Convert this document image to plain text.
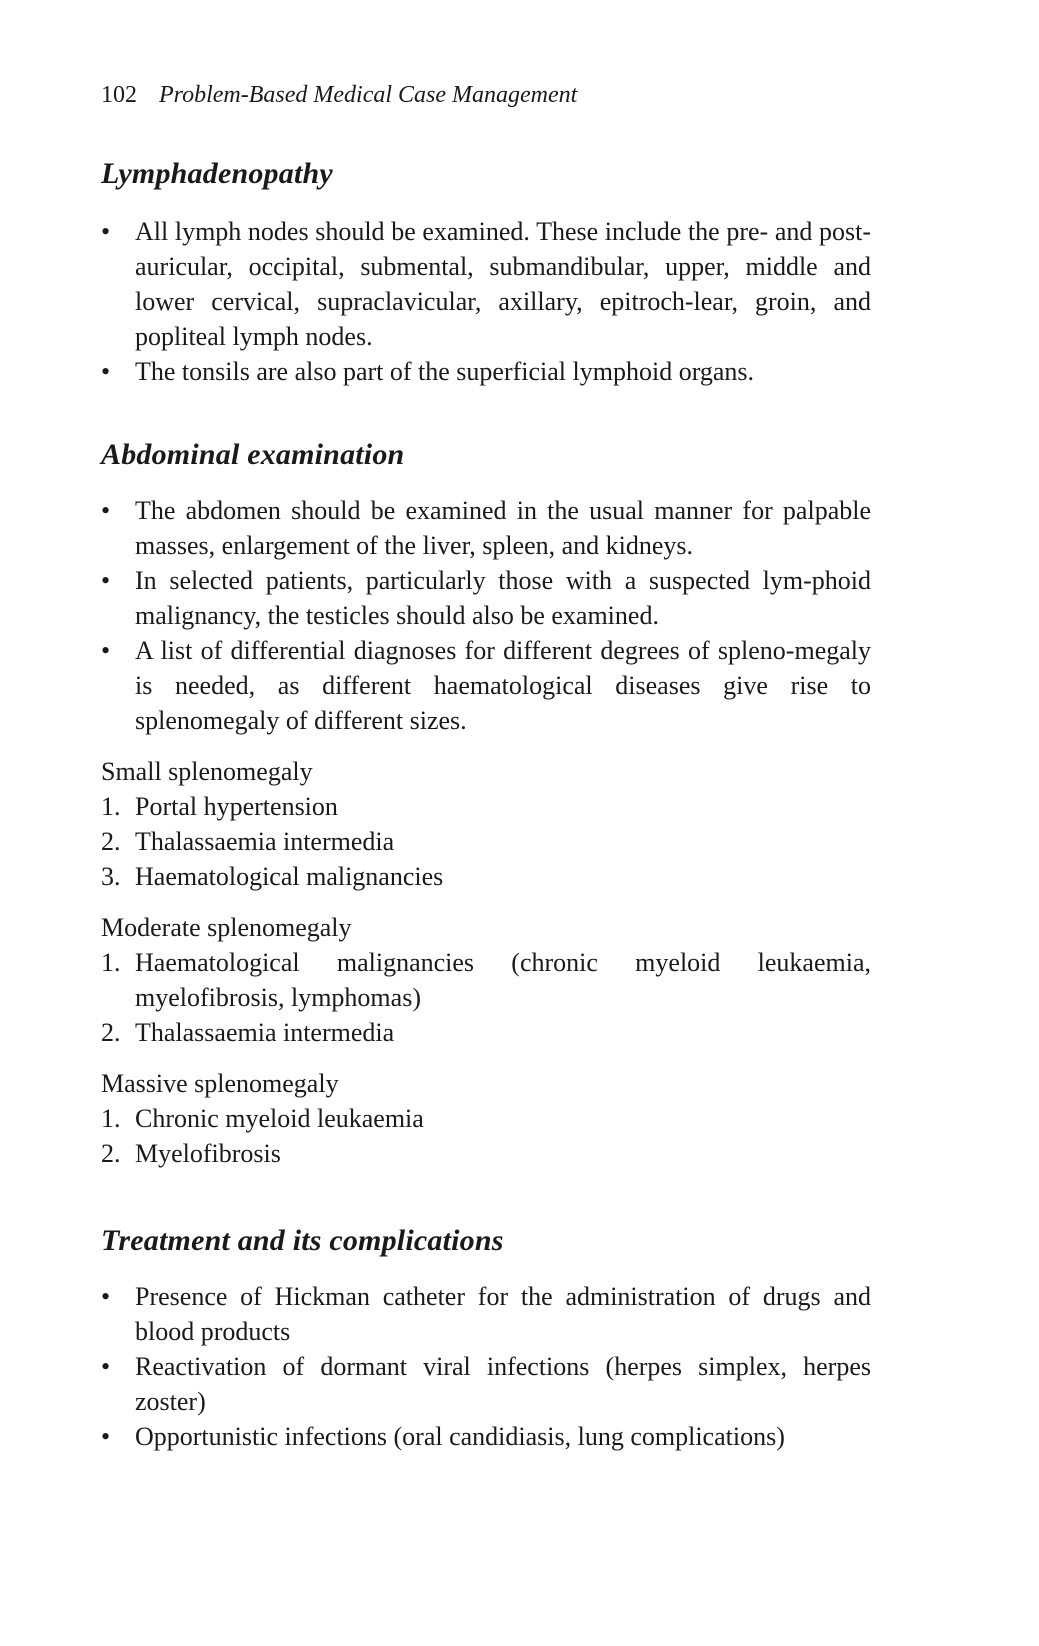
102 Problem-Based Medical Case Management
Lymphadenopathy
• All lymph nodes should be examined. These include the pre- and post-auricular, occipital, submental, submandibular, upper, middle and lower cervical, supraclavicular, axillary, epitroch-lear, groin, and popliteal lymph nodes.
• The tonsils are also part of the superficial lymphoid organs.
Abdominal examination
• The abdomen should be examined in the usual manner for palpable masses, enlargement of the liver, spleen, and kidneys.
• In selected patients, particularly those with a suspected lym-phoid malignancy, the testicles should also be examined.
• A list of differential diagnoses for different degrees of spleno-megaly is needed, as different haematological diseases give rise to splenomegaly of different sizes.
Small splenomegaly
1. Portal hypertension
2. Thalassaemia intermedia
3. Haematological malignancies
Moderate splenomegaly
1. Haematological malignancies (chronic myeloid leukaemia, myelofibrosis, lymphomas)
2. Thalassaemia intermedia
Massive splenomegaly
1. Chronic myeloid leukaemia
2. Myelofibrosis
Treatment and its complications
• Presence of Hickman catheter for the administration of drugs and blood products
• Reactivation of dormant viral infections (herpes simplex, herpes zoster)
• Opportunistic infections (oral candidiasis, lung complications)
